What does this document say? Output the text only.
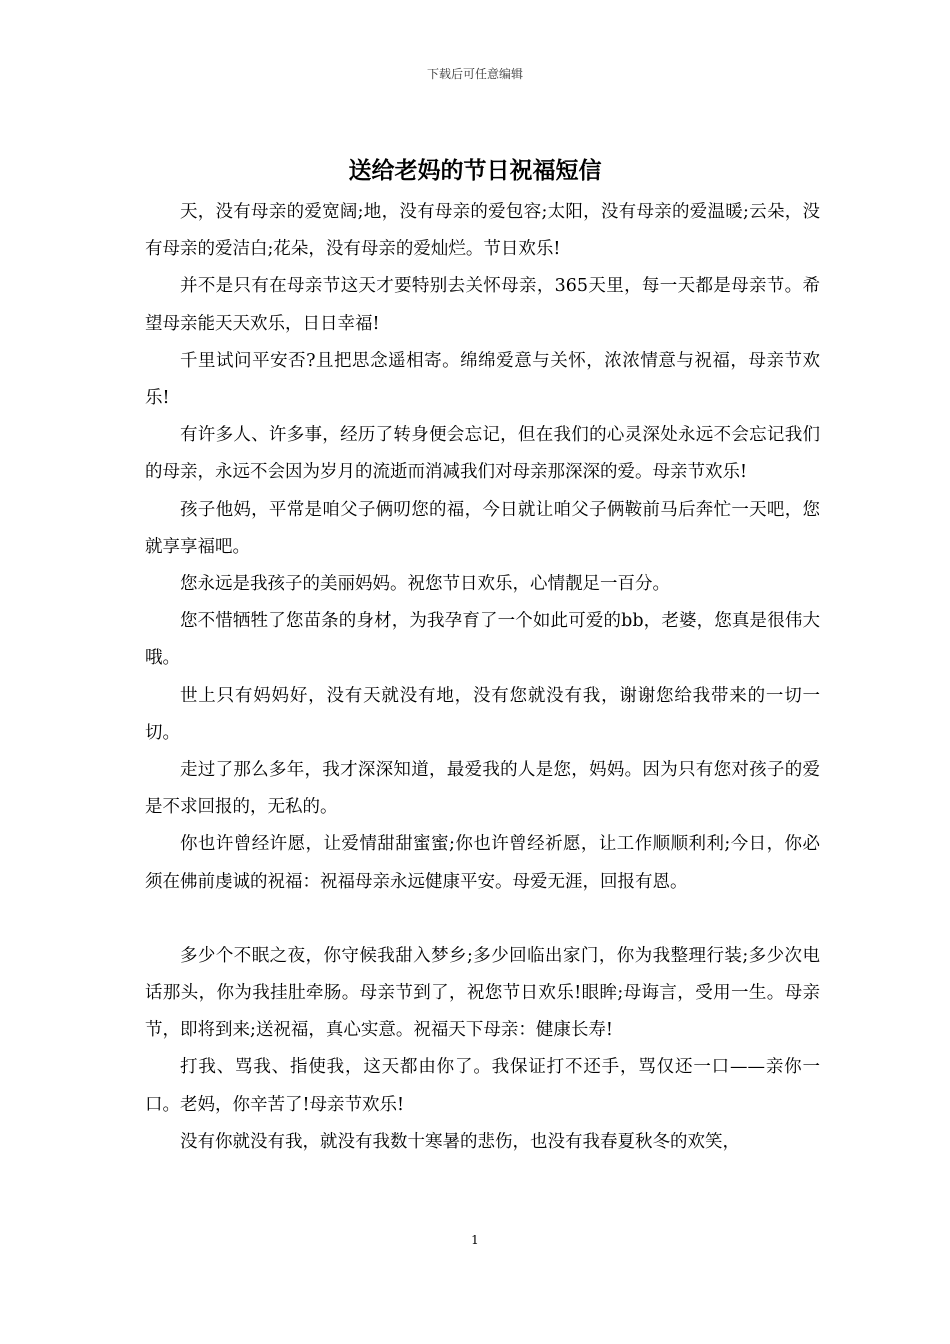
下载后可任意编辑
送给老妈的节日祝福短信

天，没有母亲的爱宽阔;地，没有母亲的爱包容;太阳，没有母亲的爱温暖;云朵，没有母亲的爱洁白;花朵，没有母亲的爱灿烂。节日欢乐!

并不是只有在母亲节这天才要特别去关怀母亲，365天里，每一天都是母亲节。希望母亲能天天欢乐，日日幸福!

千里试问平安否?且把思念遥相寄。绵绵爱意与关怀，浓浓情意与祝福，母亲节欢乐!

有许多人、许多事，经历了转身便会忘记，但在我们的心灵深处永远不会忘记我们的母亲，永远不会因为岁月的流逝而消减我们对母亲那深深的爱。母亲节欢乐!

孩子他妈，平常是咱父子俩叨您的福，今日就让咱父子俩鞍前马后奔忙一天吧，您就享享福吧。

您永远是我孩子的美丽妈妈。祝您节日欢乐，心情靓足一百分。

您不惜牺牲了您苗条的身材，为我孕育了一个如此可爱的bb，老婆，您真是很伟大哦。

世上只有妈妈好，没有天就没有地，没有您就没有我，谢谢您给我带来的一切一切。

走过了那么多年，我才深深知道，最爱我的人是您，妈妈。因为只有您对孩子的爱是不求回报的，无私的。

你也许曾经许愿，让爱情甜甜蜜蜜;你也许曾经祈愿，让工作顺顺利利;今日，你必须在佛前虔诚的祝福：祝福母亲永远健康平安。母爱无涯，回报有恩。

多少个不眠之夜，你守候我甜入梦乡;多少回临出家门，你为我整理行装;多少次电话那头，你为我挂肚牵肠。母亲节到了，祝您节日欢乐!眼眸;母诲言，受用一生。母亲节，即将到来;送祝福，真心实意。祝福天下母亲：健康长寿!

打我、骂我、指使我，这天都由你了。我保证打不还手，骂仅还一口——亲你一口。老妈，你辛苦了!母亲节欢乐!

没有你就没有我，就没有我数十寒暑的悲伤，也没有我春夏秋冬的欢笑，

1
